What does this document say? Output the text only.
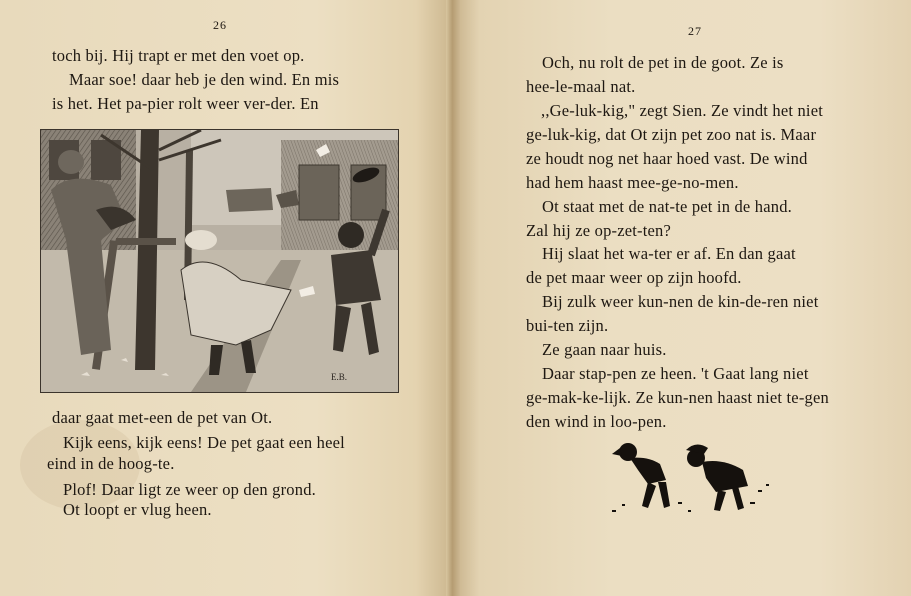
26
toch bij. Hij trapt er met den voet op.
Maar soe! daar heb je den wind. En mis
is het. Het pa-pier rolt weer ver-der. En
E.B.
daar gaat met-een de pet van Ot.
Kijk eens, kijk eens! De pet gaat een heel
eind in de hoog-te.
Plof! Daar ligt ze weer op den grond.
Ot loopt er vlug heen.
27
Och, nu rolt de pet in de goot. Ze is
hee-le-maal nat.
,,Ge-luk-kig," zegt Sien. Ze vindt het niet
ge-luk-kig, dat Ot zijn pet zoo nat is. Maar
ze houdt nog net haar hoed vast. De wind
had hem haast mee-ge-no-men.
Ot staat met de nat-te pet in de hand.
Zal hij ze op-zet-ten?
Hij slaat het wa-ter er af. En dan gaat
de pet maar weer op zijn hoofd.
Bij zulk weer kun-nen de kin-de-ren niet
bui-ten zijn.
Ze gaan naar huis.
Daar stap-pen ze heen. 't Gaat lang niet
ge-mak-ke-lijk. Ze kun-nen haast niet te-gen
den wind in loo-pen.
